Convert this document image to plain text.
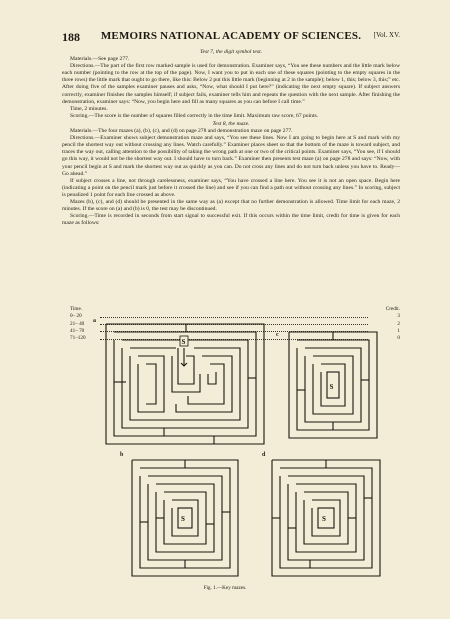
188	MEMOIRS NATIONAL ACADEMY OF SCIENCES.	[Vol. XV.

Test 7, the digit symbol test.

Materials.—See page 277.

Directions.—The part of the first row marked sample is used for demonstration. Examiner says, “You see these numbers and the little mark below each number (pointing to the row at the top of the page). Now, I want you to put in each one of these squares (pointing to the empty squares in the three rows) the little mark that ought to go there, like this: Below 2 put this little mark (beginning at 2 in the sample); below 1, this; below 3, this;” etc. After doing five of the samples examiner pauses and asks, “Now, what should I put here?” (indicating the next empty square). If subject answers correctly, examiner finishes the samples himself; if subject fails, examiner tells him and repeats the question with the next sample. After finishing the demonstration, examiner says: “Now, you begin here and fill as many squares as you can before I call time.”

Time, 2 minutes.

Scoring.—The score is the number of squares filled correctly in the time limit. Maximum raw score, 67 points.

Test 8, the maze.

Materials.—The four mazes (a), (b), (c), and (d) on page 278 and demonstration maze on page 277.

Directions.—Examiner shows subject demonstration maze and says, “You see these lines. Now I am going to begin here at S and mark with my pencil the shortest way out without crossing any lines. Watch carefully.” Examiner places sheet so that the bottom of the maze is toward subject, and traces the way out, calling attention to the possibility of taking the wrong path at one or two of the critical points. Examiner says, “You see, if I should go this way, it would not be the shortest way out. I should have to turn back.” Examiner then presents test maze (a) on page 278 and says: “Now, with your pencil begin at S and mark the shortest way out as quickly as you can. Do not cross any lines and do not turn back unless you have to. Ready—Go ahead.”

If subject crosses a line, not through carelessness, examiner says, “You have crossed a line here. You see it is not an open space. Begin here (indicating a point on the pencil mark just before it crossed the line) and see if you can find a path out without crossing any lines.” In scoring, subject is penalized 1 point for each line crossed as above.

Mazes (b), (c), and (d) should be presented in the same way as (a) except that no further demonstration is allowed. Time limit for each maze, 2 minutes. If the score on (a) and (b) is 0, the test may be discontinued.

Scoring.—Time is recorded in seconds from start signal to successful exit. If this occurs within the time limit, credit for time is given for each maze as follows:

Time.	Credit.
0– 20	3
21– 40	2
41– 70	1
71–120	0
a
c
b	d
S
S
S	S
Fig. 1.—Key mazes.
